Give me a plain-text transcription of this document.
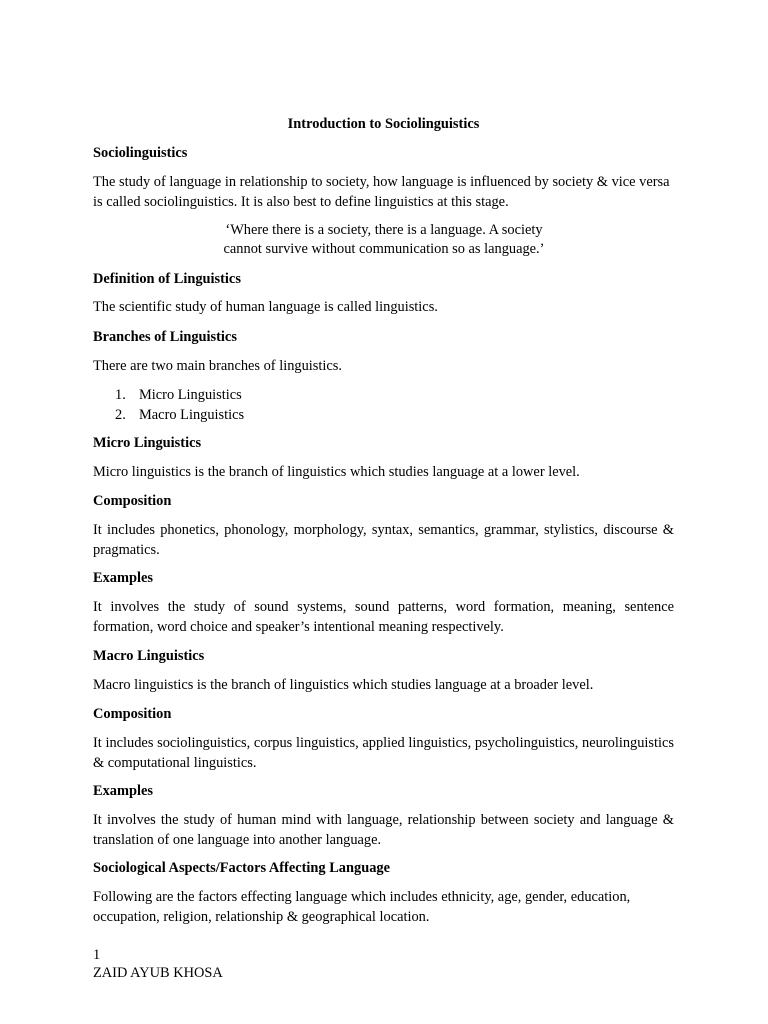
Introduction to Sociolinguistics

Sociolinguistics

The study of language in relationship to society, how language is influenced by society & vice versa is called sociolinguistics. It is also best to define linguistics at this stage.

‘Where there is a society, there is a language. A society

cannot survive without communication so as language.’

Definition of Linguistics

The scientific study of human language is called linguistics.

Branches of Linguistics

There are two main branches of linguistics.

1. Micro Linguistics
2. Macro Linguistics

Micro Linguistics

Micro linguistics is the branch of linguistics which studies language at a lower level.

Composition

It includes phonetics, phonology, morphology, syntax, semantics, grammar, stylistics, discourse & pragmatics.

Examples

It involves the study of sound systems, sound patterns, word formation, meaning, sentence formation, word choice and speaker’s intentional meaning respectively.

Macro Linguistics

Macro linguistics is the branch of linguistics which studies language at a broader level.

Composition

It includes sociolinguistics, corpus linguistics, applied linguistics, psycholinguistics, neurolinguistics & computational linguistics.

Examples

It involves the study of human mind with language, relationship between society and language & translation of one language into another language.

Sociological Aspects/Factors Affecting Language

Following are the factors effecting language which includes ethnicity, age, gender, education, occupation, religion, relationship & geographical location.

1

ZAID AYUB KHOSA
